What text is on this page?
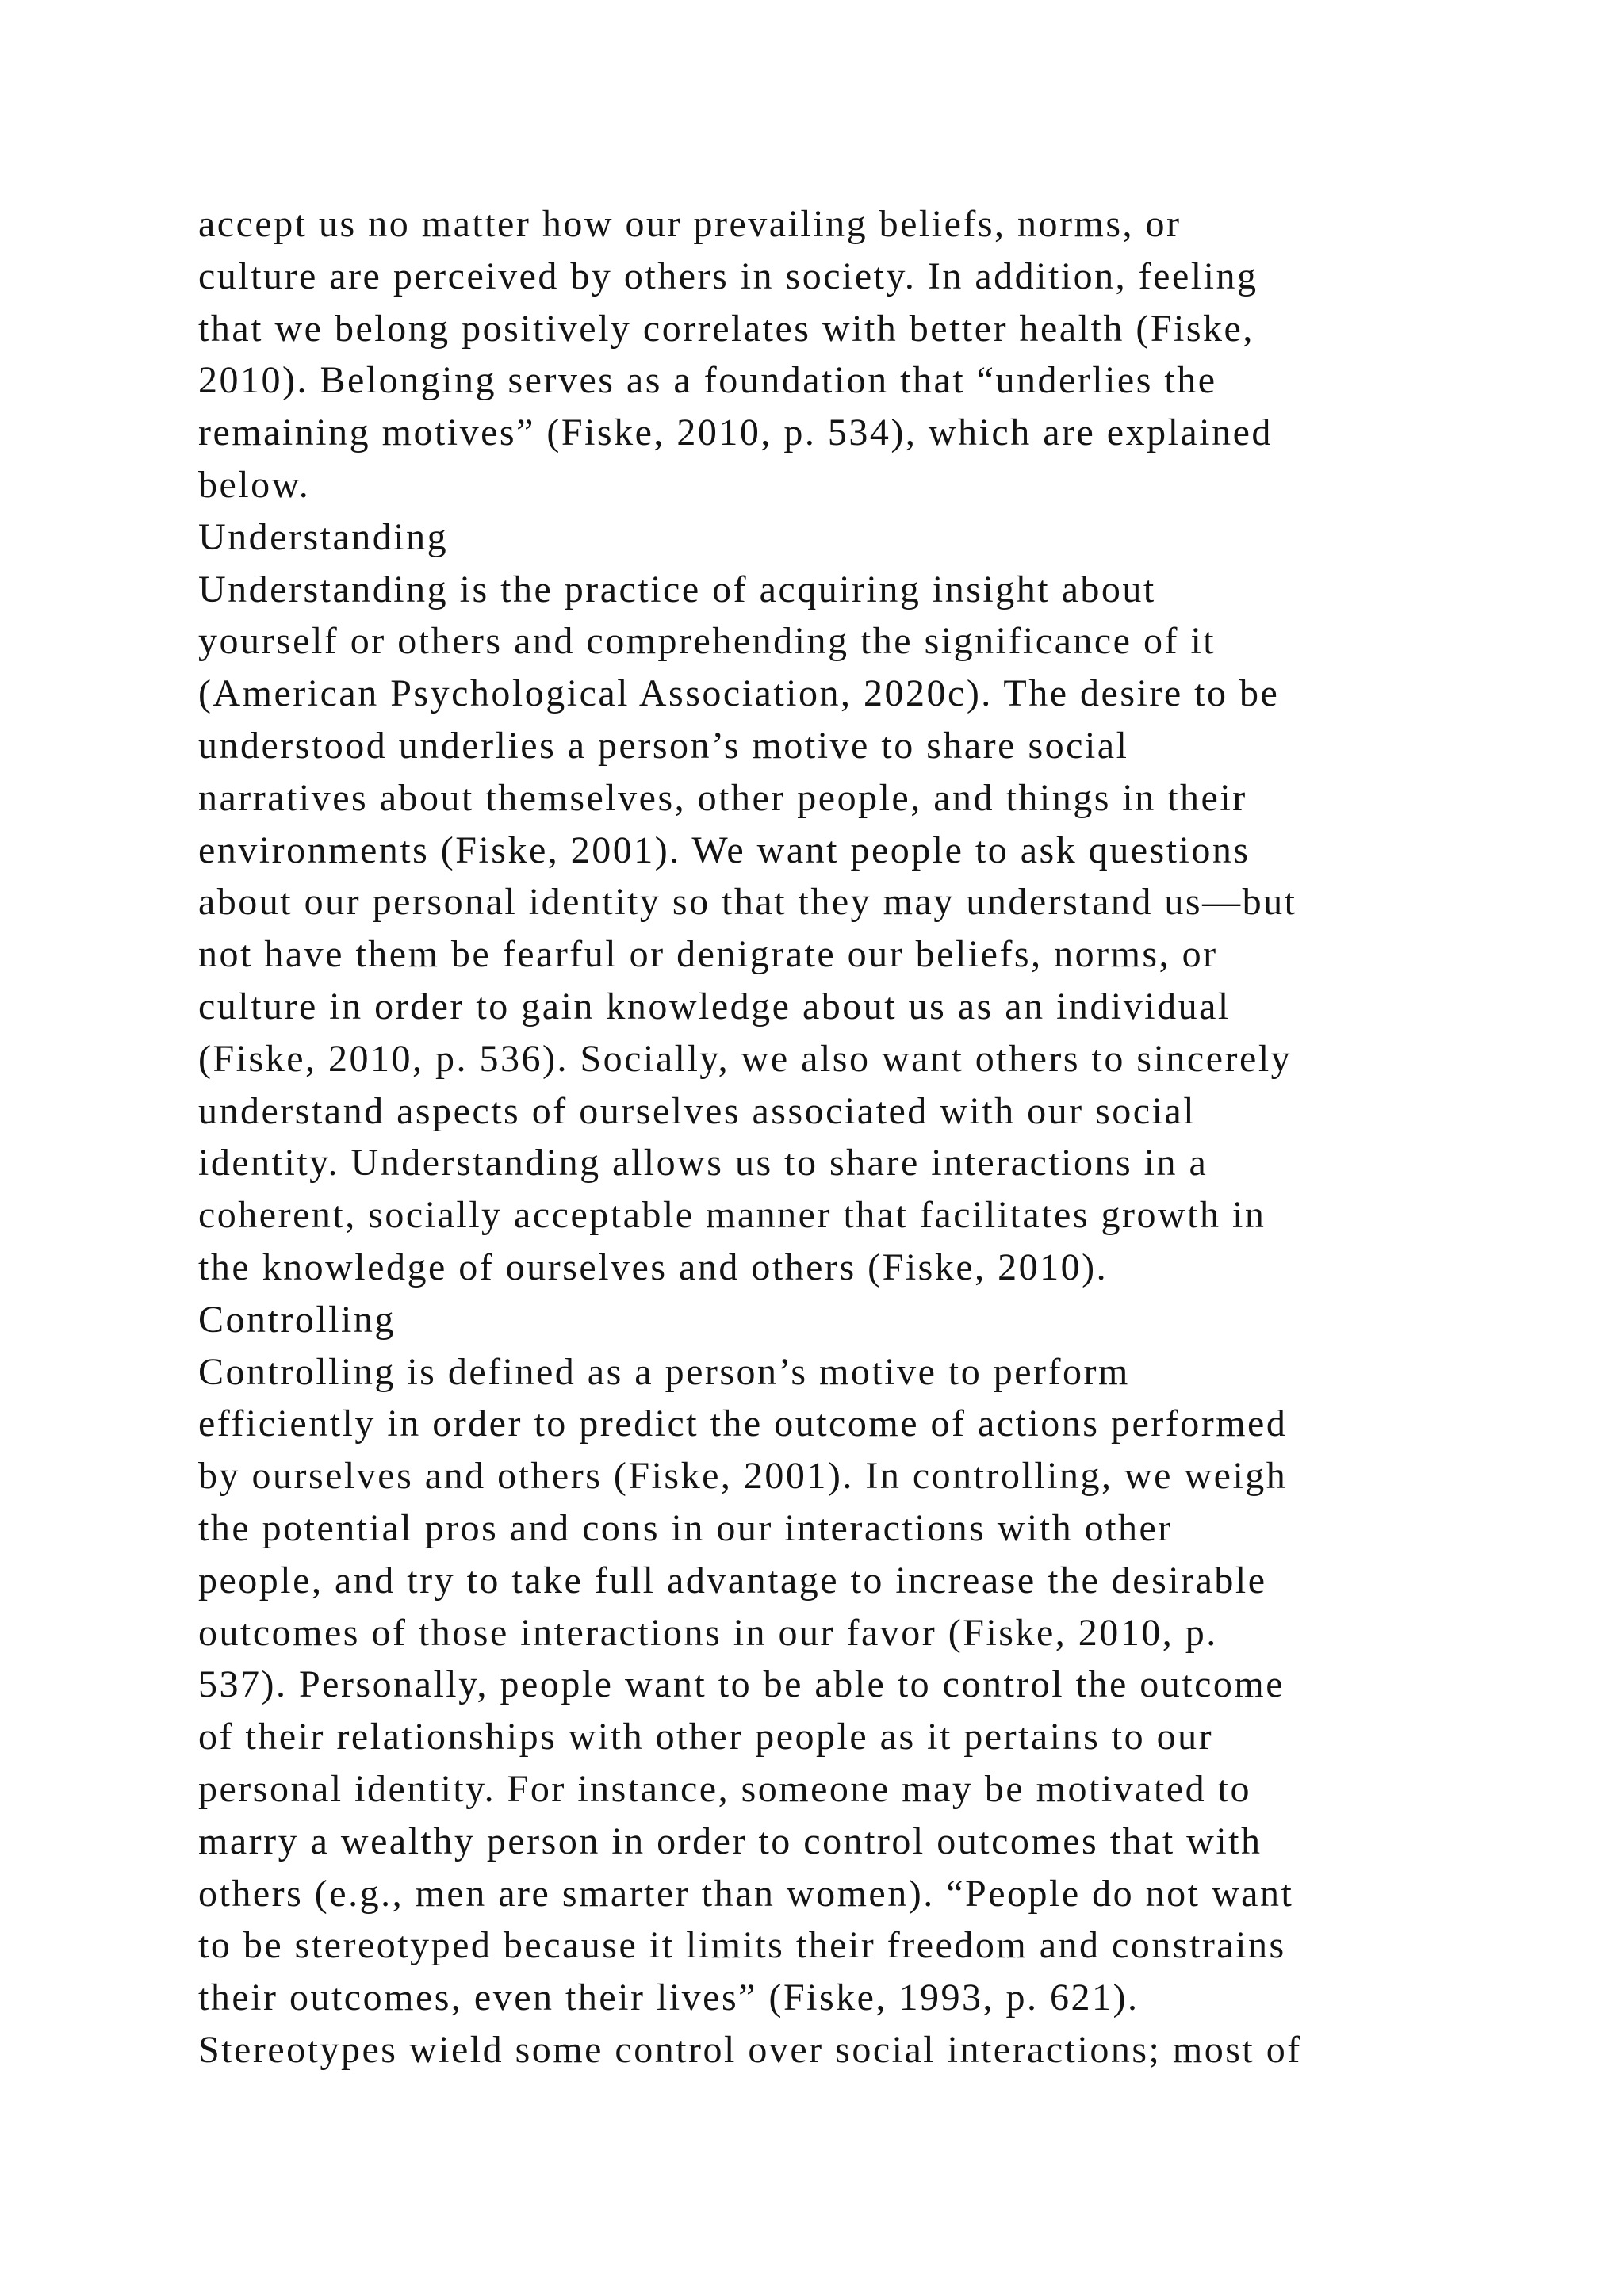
accept us no matter how our prevailing beliefs, norms, or
culture are perceived by others in society. In addition, feeling
that we belong positively correlates with better health (Fiske,
2010). Belonging serves as a foundation that “underlies the
remaining motives” (Fiske, 2010, p. 534), which are explained
below.
Understanding
Understanding is the practice of acquiring insight about
yourself or others and comprehending the significance of it
(American Psychological Association, 2020c). The desire to be
understood underlies a person’s motive to share social
narratives about themselves, other people, and things in their
environments (Fiske, 2001). We want people to ask questions
about our personal identity so that they may understand us—but
not have them be fearful or denigrate our beliefs, norms, or
culture in order to gain knowledge about us as an individual
(Fiske, 2010, p. 536). Socially, we also want others to sincerely
understand aspects of ourselves associated with our social
identity. Understanding allows us to share interactions in a
coherent, socially acceptable manner that facilitates growth in
the knowledge of ourselves and others (Fiske, 2010).
Controlling
Controlling is defined as a person’s motive to perform
efficiently in order to predict the outcome of actions performed
by ourselves and others (Fiske, 2001). In controlling, we weigh
the potential pros and cons in our interactions with other
people, and try to take full advantage to increase the desirable
outcomes of those interactions in our favor (Fiske, 2010, p.
537). Personally, people want to be able to control the outcome
of their relationships with other people as it pertains to our
personal identity. For instance, someone may be motivated to
marry a wealthy person in order to control outcomes that with
others (e.g., men are smarter than women). “People do not want
to be stereotyped because it limits their freedom and constrains
their outcomes, even their lives” (Fiske, 1993, p. 621).
Stereotypes wield some control over social interactions; most of
